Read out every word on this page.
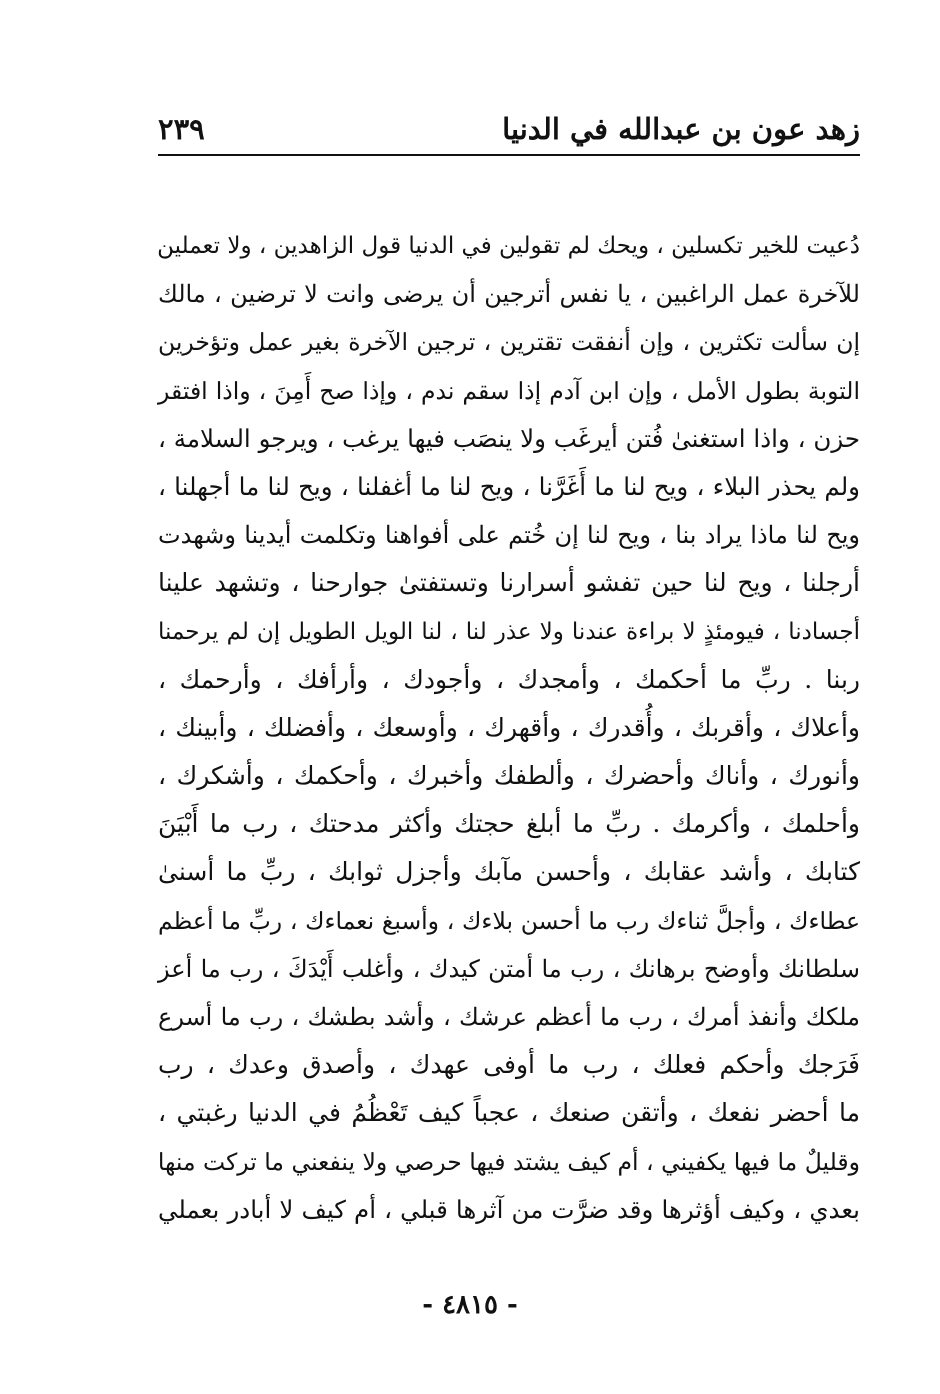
زهد عون بن عبدالله في الدنيا
٢٣٩
دُعيت للخير تكسلين ، ويحك لم تقولين في الدنيا قول الزاهدين ، ولا تعملين
للآخرة عمل الراغبين ، يا نفس أترجين أن يرضى وانت لا ترضين ، مالك
إن سألت تكثرين ، وإن أنفقت تقترين ، ترجين الآخرة بغير عمل وتؤخرين
التوبة بطول الأمل ، وإن ابن آدم إذا سقم ندم ، وإذا صح أَمِنَ ، واذا افتقر
حزن ، واذا استغنىٰ فُتن أيرغَب ولا ينصَب فيها يرغب ، ويرجو السلامة ،
ولم يحذر البلاء ، ويح لنا ما أَغَرَّنا ، ويح لنا ما أغفلنا ، ويح لنا ما أجهلنا ،
ويح لنا ماذا يراد بنا ، ويح لنا إن خُتم على أفواهنا وتكلمت أيدينا وشهدت
أرجلنا ، ويح لنا حين تفشو أسرارنا وتستفتىٰ جوارحنا ، وتشهد علينا
أجسادنا ، فيومئذٍ لا براءة عندنا ولا عذر لنا ، لنا الويل الطويل إن لم يرحمنا
ربنا . ربِّ ما أحكمك ، وأمجدك ، وأجودك ، وأرأفك ، وأرحمك ،
وأعلاك ، وأقربك ، وأُقدرك ، وأقهرك ، وأوسعك ، وأفضلك ، وأبينك ،
وأنورك ، وأناك وأحضرك ، وألطفك وأخبرك ، وأحكمك ، وأشكرك ،
وأحلمك ، وأكرمك . ربِّ ما أبلغ حجتك وأكثر مدحتك ، رب ما أَبْيَنَ
كتابك ، وأشد عقابك ، وأحسن مآبك وأجزل ثوابك ، ربِّ ما أسنىٰ
عطاءك ، وأجلَّ ثناءك رب ما أحسن بلاءك ، وأسبغ نعماءك ، ربِّ ما أعظم
سلطانك وأوضح برهانك ، رب ما أمتن كيدك ، وأغلب أَيْدَكَ ، رب ما أعز
ملكك وأنفذ أمرك ، رب ما أعظم عرشك ، وأشد بطشك ، رب ما أسرع
فَرَجك وأحكم فعلك ، رب ما أوفى عهدك ، وأصدق وعدك ، رب
ما أحضر نفعك ، وأتقن صنعك ، عجباً كيف تَعْظُمُ في الدنيا رغبتي ،
وقليلٌ ما فيها يكفيني ، أم كيف يشتد فيها حرصي ولا ينفعني ما تركت منها
بعدي ، وكيف أؤثرها وقد ضرَّت من آثرها قبلي ، أم كيف لا أبادر بعملي
- ٤٨١٥ -
